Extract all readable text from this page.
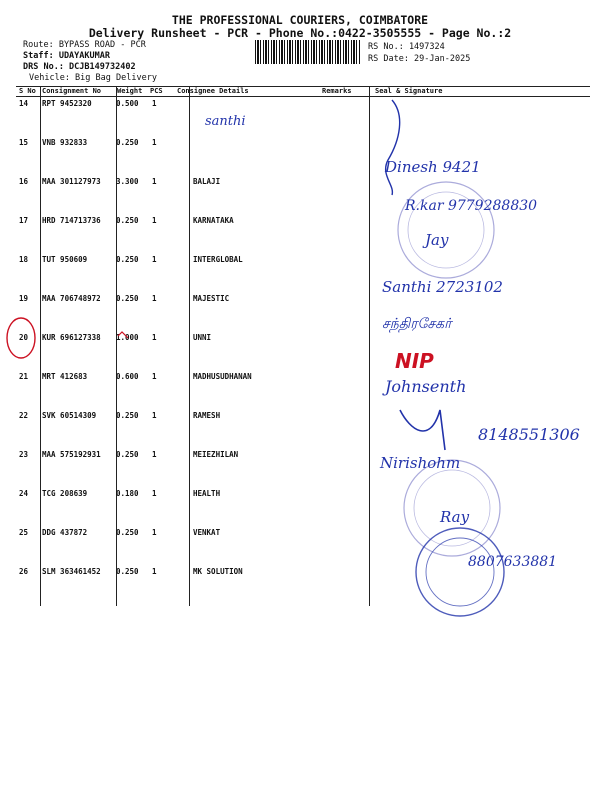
THE PROFESSIONAL COURIERS, COIMBATORE
Delivery Runsheet - PCR - Phone No.:0422-3505555 - Page No.:2
Route: BYPASS ROAD - PCR
Staff: UDAYAKUMAR
DRS No.: DCJB149732402
Vehicle: Big Bag Delivery
RS No.: 1497324
RS Date: 29-Jan-2025
S No Consignment No Weight PCS Consignee Details	Remarks	Seal & Signature
14 RPT 9452320	0.500 1
15 VNB 932833	0.250 1
16 MAA 301127973 3.300 1	BALAJI
17 HRD 714713736 0.250 1	KARNATAKA
18 TUT 950609	0.250 1	INTERGLOBAL
19 MAA 706748972 0.250 1	MAJESTIC
20 KUR 696127338 1.000 1	UNNI
21 MRT 412683	0.600 1	MADHUSUDHANAN
22 SVK 60514309	0.250 1	RAMESH
23 MAA 575192931 0.250 1	MEIEZHILAN
24 TCG 208639	0.180 1	HEALTH
25 DDG 437872	0.250 1	VENKAT
26 SLM 363461452 0.250 1	MK SOLUTION
santhi
Dinesh 9421
R.kar 9779288830
Jay
Santhi 2723102
சந்திரசேகர்
Johnsenth
8148551306
Nirishohm
Ray
8807633881
NIP
